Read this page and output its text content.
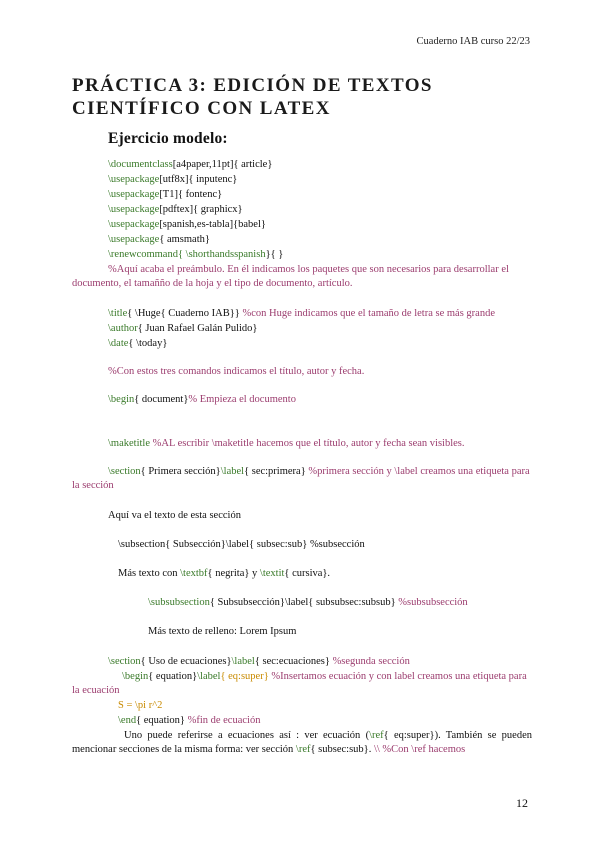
Cuaderno IAB curso 22/23
PRÁCTICA 3: EDICIÓN DE TEXTOS CIENTÍFICO CON LATEX
Ejercicio modelo:
\documentclass[a4paper,11pt]{ article}
\usepackage[utf8x]{ inputenc}
\usepackage[T1]{ fontenc}
\usepackage[pdftex]{ graphicx}
\usepackage[spanish,es-tabla]{babel}
\usepackage{ amsmath}
\renewcommand{ \shorthandsspanish}{ }
%Aquí acaba el preámbulo. En él indicamos los paquetes que son necesarios para desarrollar el documento, el tamañño de la hoja y el tipo de documento, artículo.
\title{ \Huge{ Cuaderno IAB}} %con Huge indicamos que el tamaño de letra se más grande
\author{ Juan Rafael Galán Pulido}
\date{ \today}
%Con estos tres comandos indicamos el título, autor y fecha.
\begin{ document}% Empieza el documento
\maketitle %AL escribir \maketitle hacemos que el título, autor y fecha sean visibles.
\section{ Primera sección}\label{ sec:primera} %primera sección y \label creamos una etiqueta para la sección
Aquí va el texto de esta sección
\subsection{ Subsección}\label{ subsec:sub} %subsección
Más texto con \textbf{ negrita} y \textit{ cursiva}.
\subsubsection{ Subsubsección}\label{ subsubsec:subsub} %subsubsección
Más texto de relleno: Lorem Ipsum
\section{ Uso de ecuaciones}\label{ sec:ecuaciones} %segunda sección
\begin{ equation}\label{ eq:super} %Insertamos ecuación y con label creamos una etiqueta para la ecuación
S = \pi r^2
\end{ equation} %fin de ecuación
Uno puede referirse a ecuaciones así : ver ecuación (\ref{ eq:super}). También se pueden mencionar secciones de la misma forma: ver sección \ref{ subsec:sub}. \\ %Con \ref hacemos
12
